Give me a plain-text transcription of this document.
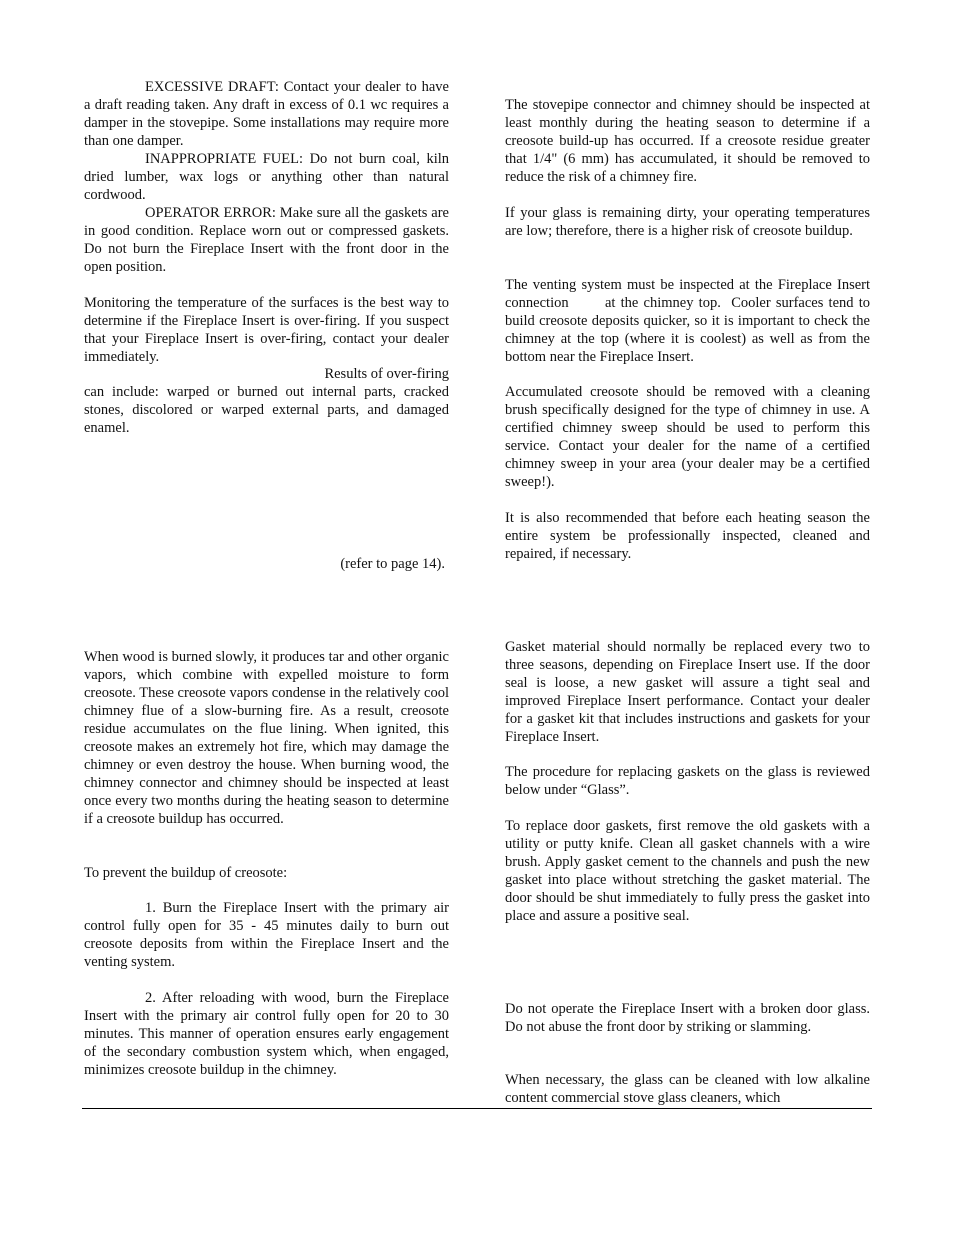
EXCESSIVE DRAFT: Contact your dealer to have a draft reading taken. Any draft in excess of 0.1 wc requires a damper in the stovepipe. Some installations may require more than one damper.

INAPPROPRIATE FUEL: Do not burn coal, kiln dried lumber, wax logs or anything other than natural cordwood.

OPERATOR ERROR: Make sure all the gaskets are in good condition. Replace worn out or compressed gaskets. Do not burn the Fireplace Insert with the front door in the open position.

Monitoring the temperature of the surfaces is the best way to determine if the Fireplace Insert is over-firing. If you suspect that your Fireplace Insert is over-firing, contact your dealer immediately.

Results of over-firing

can include: warped or burned out internal parts, cracked stones, discolored or warped external parts, and damaged enamel.

(refer to page 14).

When wood is burned slowly, it produces tar and other organic vapors, which combine with expelled moisture to form creosote. These creosote vapors condense in the relatively cool chimney flue of a slow-burning fire. As a result, creosote residue accumulates on the flue lining. When ignited, this creosote makes an extremely hot fire, which may damage the chimney or even destroy the house. When burning wood, the chimney connector and chimney should be inspected at least once every two months during the heating season to determine if a creosote buildup has occurred.

To prevent the buildup of creosote:

1. Burn the Fireplace Insert with the primary air control fully open for 35 - 45 minutes daily to burn out creosote deposits from within the Fireplace Insert and the venting system.

2. After reloading with wood, burn the Fireplace Insert with the primary air control fully open for 20 to 30 minutes. This manner of operation ensures early engagement of the secondary combustion system which, when engaged, minimizes creosote buildup in the chimney.

The stovepipe connector and chimney should be inspected at least monthly during the heating season to determine if a creosote build-up has occurred. If a creosote residue greater that 1/4" (6 mm) has accumulated, it should be removed to reduce the risk of a chimney fire.

If your glass is remaining dirty, your operating temperatures are low; therefore, there is a higher risk of creosote buildup.

The venting system must be inspected at the Fireplace Insert connection       at the chimney top.  Cooler surfaces tend to build creosote deposits quicker, so it is important to check the chimney at the top (where it is coolest) as well as from the bottom near the Fireplace Insert.

Accumulated creosote should be removed with a cleaning brush specifically designed for the type of chimney in use. A certified chimney sweep should be used to perform this service. Contact your dealer for the name of a certified chimney sweep in your area (your dealer may be a certified sweep!).

It is also recommended that before each heating season the entire system be professionally inspected, cleaned and repaired, if necessary.

Gasket material should normally be replaced every two to three seasons, depending on Fireplace Insert use. If the door seal is loose, a new gasket will assure a tight seal and improved Fireplace Insert performance. Contact your dealer for a gasket kit that includes instructions and gaskets for your Fireplace Insert.

The procedure for replacing gaskets on the glass is reviewed below under “Glass”.

To replace door gaskets, first remove the old gaskets with a utility or putty knife. Clean all gasket channels with a wire brush. Apply gasket cement to the channels and push the new gasket into place without stretching the gasket material. The door should be shut immediately to fully press the gasket into place and assure a positive seal.

Do not operate the Fireplace Insert with a broken door glass. Do not abuse the front door by striking or slamming.

When necessary, the glass can be cleaned with low alkaline content commercial stove glass cleaners, which
